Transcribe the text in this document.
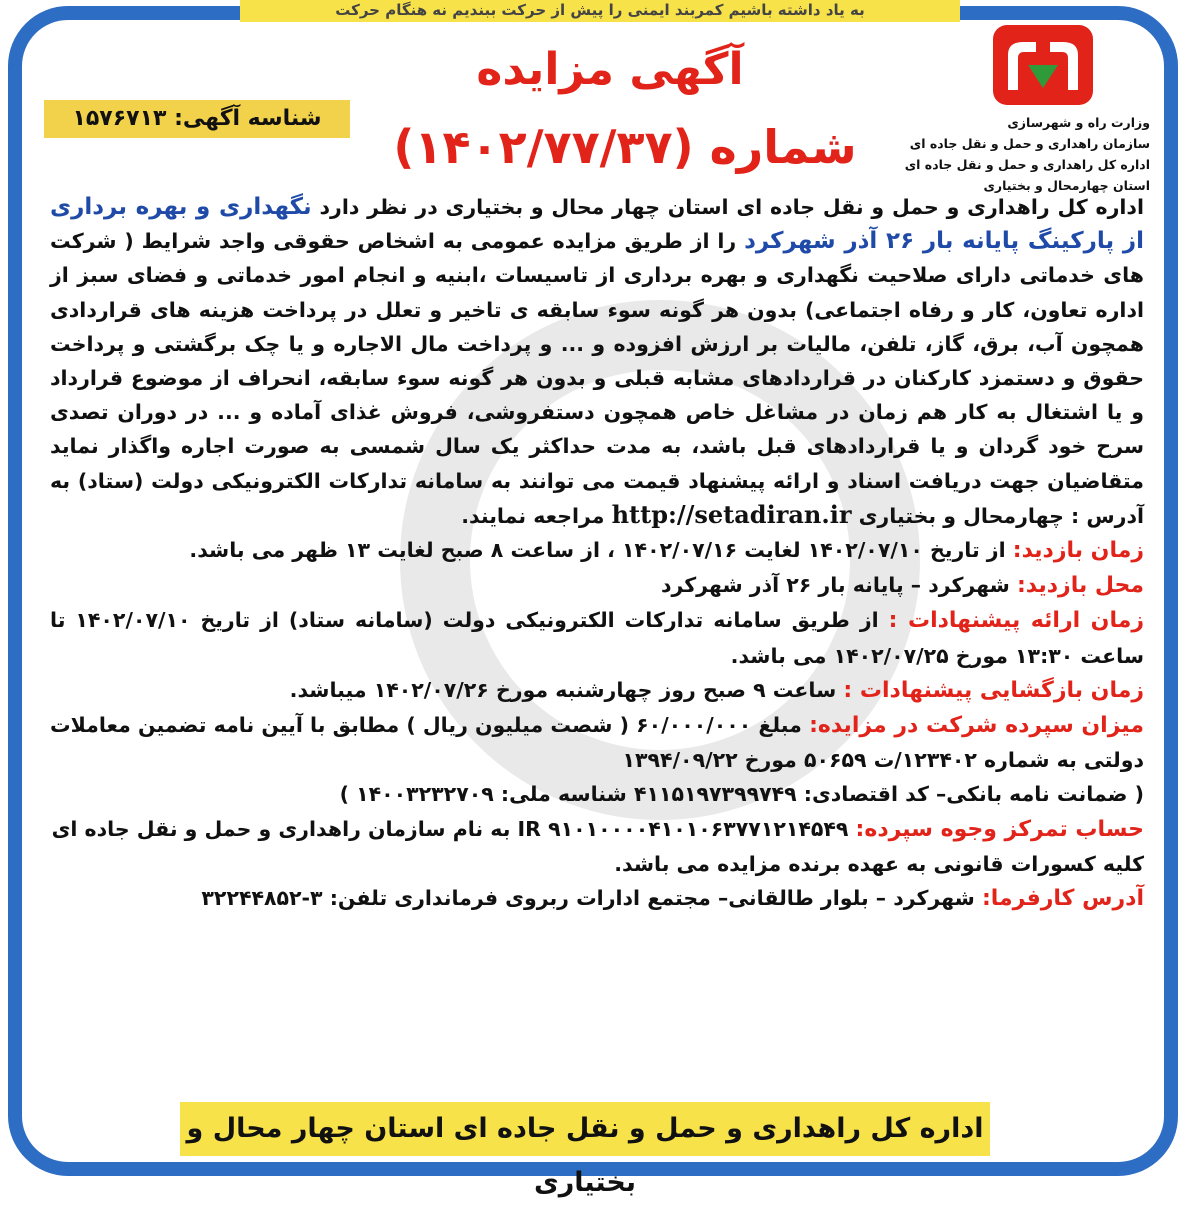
به یاد داشته باشیم کمربند ایمنی را پیش از حرکت ببندیم نه هنگام حرکت
وزارت راه و شهرسازی
سازمان راهداری و حمل و نقل جاده ای
اداره کل راهداری و حمل و نقل جاده ای
استان چهارمحال و بختیاری
آگهی مزایده
شماره (۱۴۰۲/۷۷/۳۷)
شناسه آگهی: ۱۵۷۶۷۱۳

اداره کل راهداری و حمل و نقل جاده ای استان چهار محال و بختیاری در نظر دارد نگهداری و بهره برداری از پارکینگ پایانه بار ۲۶ آذر شهرکرد را از طریق مزایده عمومی به اشخاص حقوقی واجد شرایط ( شرکت های خدماتی دارای صلاحیت نگهداری و بهره برداری از تاسیسات ،ابنیه و انجام امور خدماتی و فضای سبز از اداره تعاون، کار و رفاه اجتماعی) بدون هر گونه سوء سابقه ی تاخیر و تعلل در پرداخت هزینه های قراردادی همچون آب، برق، گاز، تلفن، مالیات بر ارزش افزوده و ... و پرداخت مال الاجاره و یا چک برگشتی و پرداخت حقوق و دستمزد کارکنان در قراردادهای مشابه قبلی و بدون هر گونه سوء سابقه، انحراف از موضوع قرارداد و یا اشتغال به کار هم زمان در مشاغل خاص همچون دستفروشی، فروش غذای آماده و ... در دوران تصدی سرح خود گردان و یا قراردادهای قبل باشد، به مدت حداکثر یک سال شمسی به صورت اجاره واگذار نماید متقاضیان جهت دریافت اسناد و ارائه پیشنهاد قیمت می توانند به سامانه تدارکات الکترونیکی دولت (ستاد) به آدرس : چهارمحال و بختیاری http://setadiran.ir مراجعه نمایند.

زمان بازدید: از تاریخ ۱۴۰۲/۰۷/۱۰ لغایت ۱۴۰۲/۰۷/۱۶ ، از ساعت ۸ صبح لغایت ۱۳ ظهر می باشد.

محل بازدید: شهرکرد – پایانه بار ۲۶ آذر شهرکرد

زمان ارائه پیشنهادات : از طریق سامانه تدارکات الکترونیکی دولت (سامانه ستاد) از تاریخ ۱۴۰۲/۰۷/۱۰ تا ساعت ۱۳:۳۰ مورخ ۱۴۰۲/۰۷/۲۵ می باشد.

زمان بازگشایی پیشنهادات : ساعت ۹ صبح روز چهارشنبه مورخ ۱۴۰۲/۰۷/۲۶ میباشد.

میزان سپرده شرکت در مزایده: مبلغ ۶۰/۰۰۰/۰۰۰ ( شصت میلیون ریال ) مطابق با آیین نامه تضمین معاملات دولتی به شماره ۱۲۳۴۰۲/ت ۵۰۶۵۹ مورخ ۱۳۹۴/۰۹/۲۲

( ضمانت نامه بانکی– کد اقتصادی: ۴۱۱۵۱۹۷۳۹۹۷۴۹ شناسه ملی: ۱۴۰۰۳۲۳۲۷۰۹ )

حساب تمرکز وجوه سپرده: ۹۱۰۱۰۰۰۰۴۱۰۱۰۶۳۷۷۱۲۱۴۵۴۹ IR به نام سازمان راهداری و حمل و نقل جاده ای

کلیه کسورات قانونی به عهده برنده مزایده می باشد.

آدرس کارفرما: شهرکرد – بلوار طالقانی– مجتمع ادارات ربروی فرمانداری تلفن: ۳-۳۲۲۴۴۸۵۲

اداره کل راهداری و حمل و نقل جاده ای استان چهار محال و بختیاری
